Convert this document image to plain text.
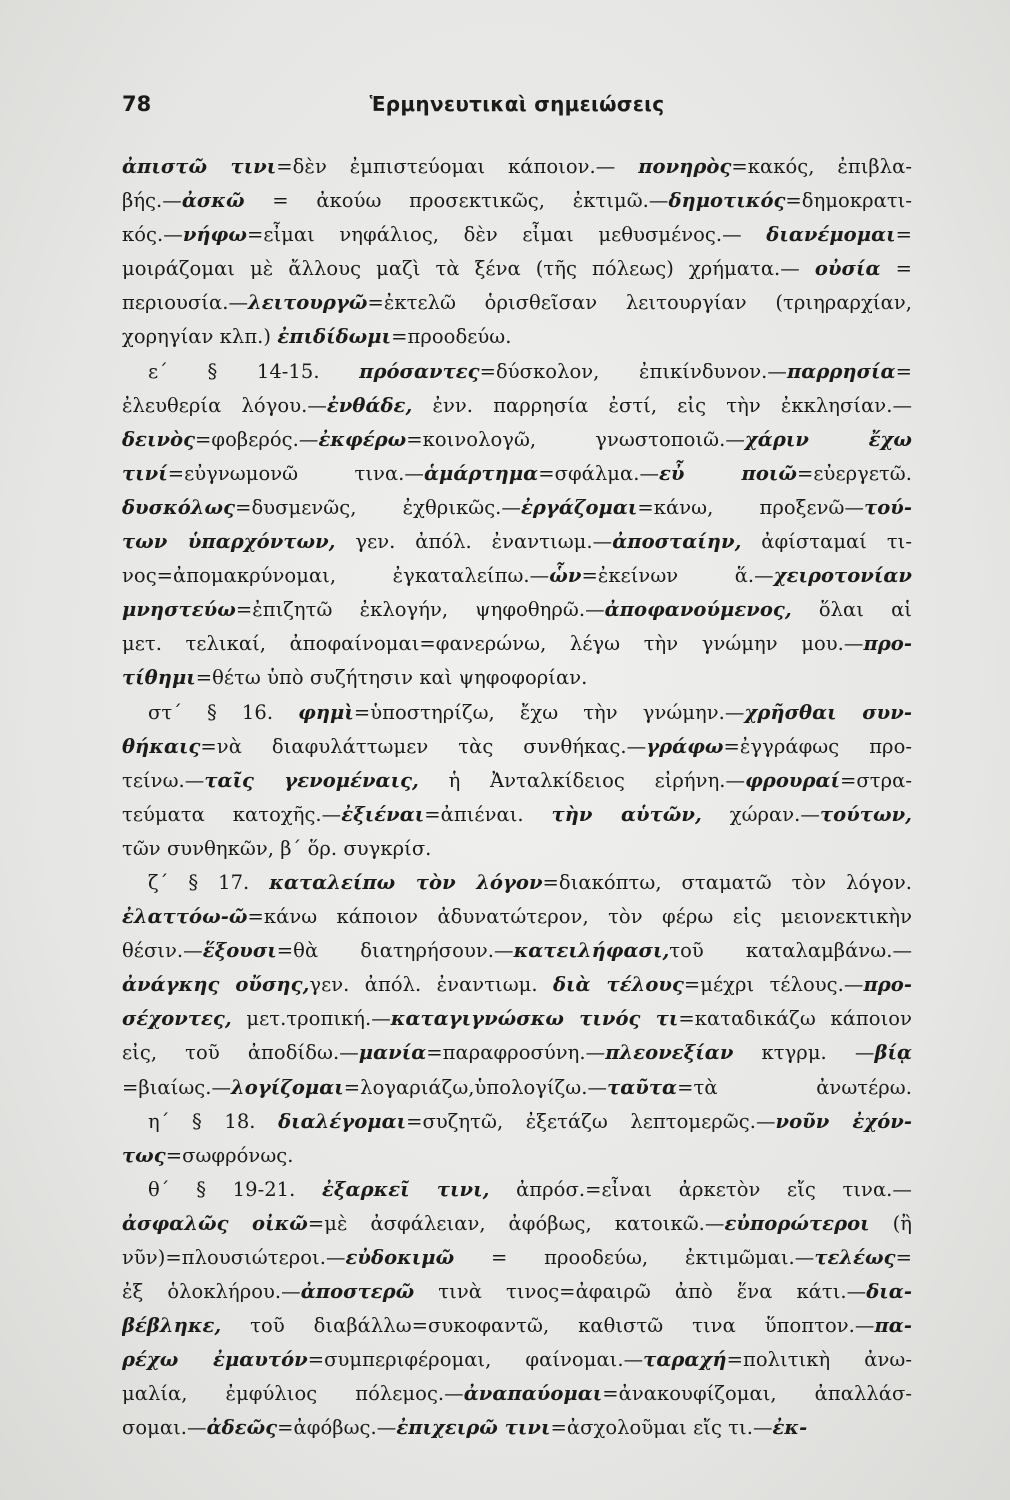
78	Ἑρμηνευτικαὶ σημειώσεις
ἀπιστῶ τινι=δὲν ἐμπιστεύομαι κάποιον.— πονηρὸς=κακός, ἐπιβλα-
βής.—ἀσκῶ = ἀκούω προσεκτικῶς, ἐκτιμῶ.—δημοτικός=δημοκρατι-
κός.—νήφω=εἶμαι νηφάλιος, δὲν εἶμαι μεθυσμένος.— διανέμομαι=
μοιράζομαι μὲ ἄλλους μαζὶ τὰ ξένα (τῆς πόλεως) χρήματα.— οὐσία =
περιουσία.—λειτουργῶ=ἐκτελῶ ὁρισθεῖσαν λειτουργίαν (τριηραρχίαν,
χορηγίαν κλπ.) ἐπιδίδωμι=προοδεύω.
ε΄ § 14-15. πρόσαντες=δύσκολον, ἐπικίνδυνον.—παρρησία=
ἐλευθερία λόγου.—ἐνθάδε, ἐνν. παρρησία ἐστί, εἰς τὴν ἐκκλησίαν.—
δεινὸς=φοβερός.—ἐκφέρω=κοινολογῶ, γνωστοποιῶ.—χάριν ἔχω
τινί=εὐγνωμονῶ τινα.—ἁμάρτημα=σφάλμα.—εὖ ποιῶ=εὐεργετῶ.
δυσκόλως=δυσμενῶς, ἐχθρικῶς.—ἐργάζομαι=κάνω, προξενῶ—τού-
των ὑπαρχόντων, γεν. ἀπόλ. ἐναντιωμ.—ἀποσταίην, ἀφίσταμαί τι-
νος=ἀπομακρύνομαι, ἐγκαταλείπω.—ὧν=ἐκείνων ἅ.—χειροτονίαν
μνηστεύω=ἐπιζητῶ ἐκλογήν, ψηφοθηρῶ.—ἀποφανούμενος, ὅλαι αἱ
μετ. τελικαί, ἀποφαίνομαι=φανερώνω, λέγω τὴν γνώμην μου.—προ-
τίθημι=θέτω ὑπὸ συζήτησιν καὶ ψηφοφορίαν.
στ΄ § 16. φημὶ=ὑποστηρίζω, ἔχω τὴν γνώμην.—χρῆσθαι συν-
θήκαις=νὰ διαφυλάττωμεν τὰς συνθήκας.—γράφω=ἐγγράφως προ-
τείνω.—ταῖς γενομέναις, ἡ Ἀνταλκίδειος εἰρήνη.—φρουραί=στρα-
τεύματα κατοχῆς.—ἐξιέναι=ἀπιέναι. τὴν αὑτῶν, χώραν.—τούτων,
τῶν συνθηκῶν, β΄ ὅρ. συγκρίσ.
ζ΄ § 17. καταλείπω τὸν λόγον=διακόπτω, σταματῶ τὸν λόγον.
ἐλαττόω-ῶ=κάνω κάποιον ἀδυνατώτερον, τὸν φέρω εἰς μειονεκτικὴν
θέσιν.—ἕξουσι=θὰ διατηρήσουν.—κατειλήφασι,τοῦ καταλαμβάνω.—
ἀνάγκης οὔσης,γεν. ἀπόλ. ἐναντιωμ. διὰ τέλους=μέχρι τέλους.—προ-
σέχοντες, μετ.τροπική.—καταγιγνώσκω τινός τι=καταδικάζω κάποιον
εἰς, τοῦ ἀποδίδω.—μανία=παραφροσύνη.—πλεονεξίαν κτγρμ. —βίᾳ
=βιαίως.—λογίζομαι=λογαριάζω,ὑπολογίζω.—ταῦτα=τὰ ἀνωτέρω.
η΄ § 18. διαλέγομαι=συζητῶ, ἐξετάζω λεπτομερῶς.—νοῦν ἐχόν-
τως=σωφρόνως.
θ΄ § 19-21. ἐξαρκεῖ τινι, ἀπρόσ.=εἶναι ἀρκετὸν εἴς τινα.—
ἀσφαλῶς οἰκῶ=μὲ ἀσφάλειαν, ἀφόβως, κατοικῶ.—εὐπορώτεροι (ἢ
νῦν)=πλουσιώτεροι.—εὐδοκιμῶ = προοδεύω, ἐκτιμῶμαι.—τελέως=
ἐξ ὁλοκλήρου.—ἀποστερῶ τινὰ τινος=ἀφαιρῶ ἀπὸ ἕνα κάτι.—δια-
βέβληκε, τοῦ διαβάλλω=συκοφαντῶ, καθιστῶ τινα ὕποπτον.—πα-
ρέχω ἐμαυτόν=συμπεριφέρομαι, φαίνομαι.—ταραχή=πολιτικὴ ἀνω-
μαλία, ἐμφύλιος πόλεμος.—ἀναπαύομαι=ἀνακουφίζομαι, ἀπαλλάσ-
σομαι.—ἀδεῶς=ἀφόβως.—ἐπιχειρῶ τινι=ἀσχολοῦμαι εἴς τι.—ἐκ-
